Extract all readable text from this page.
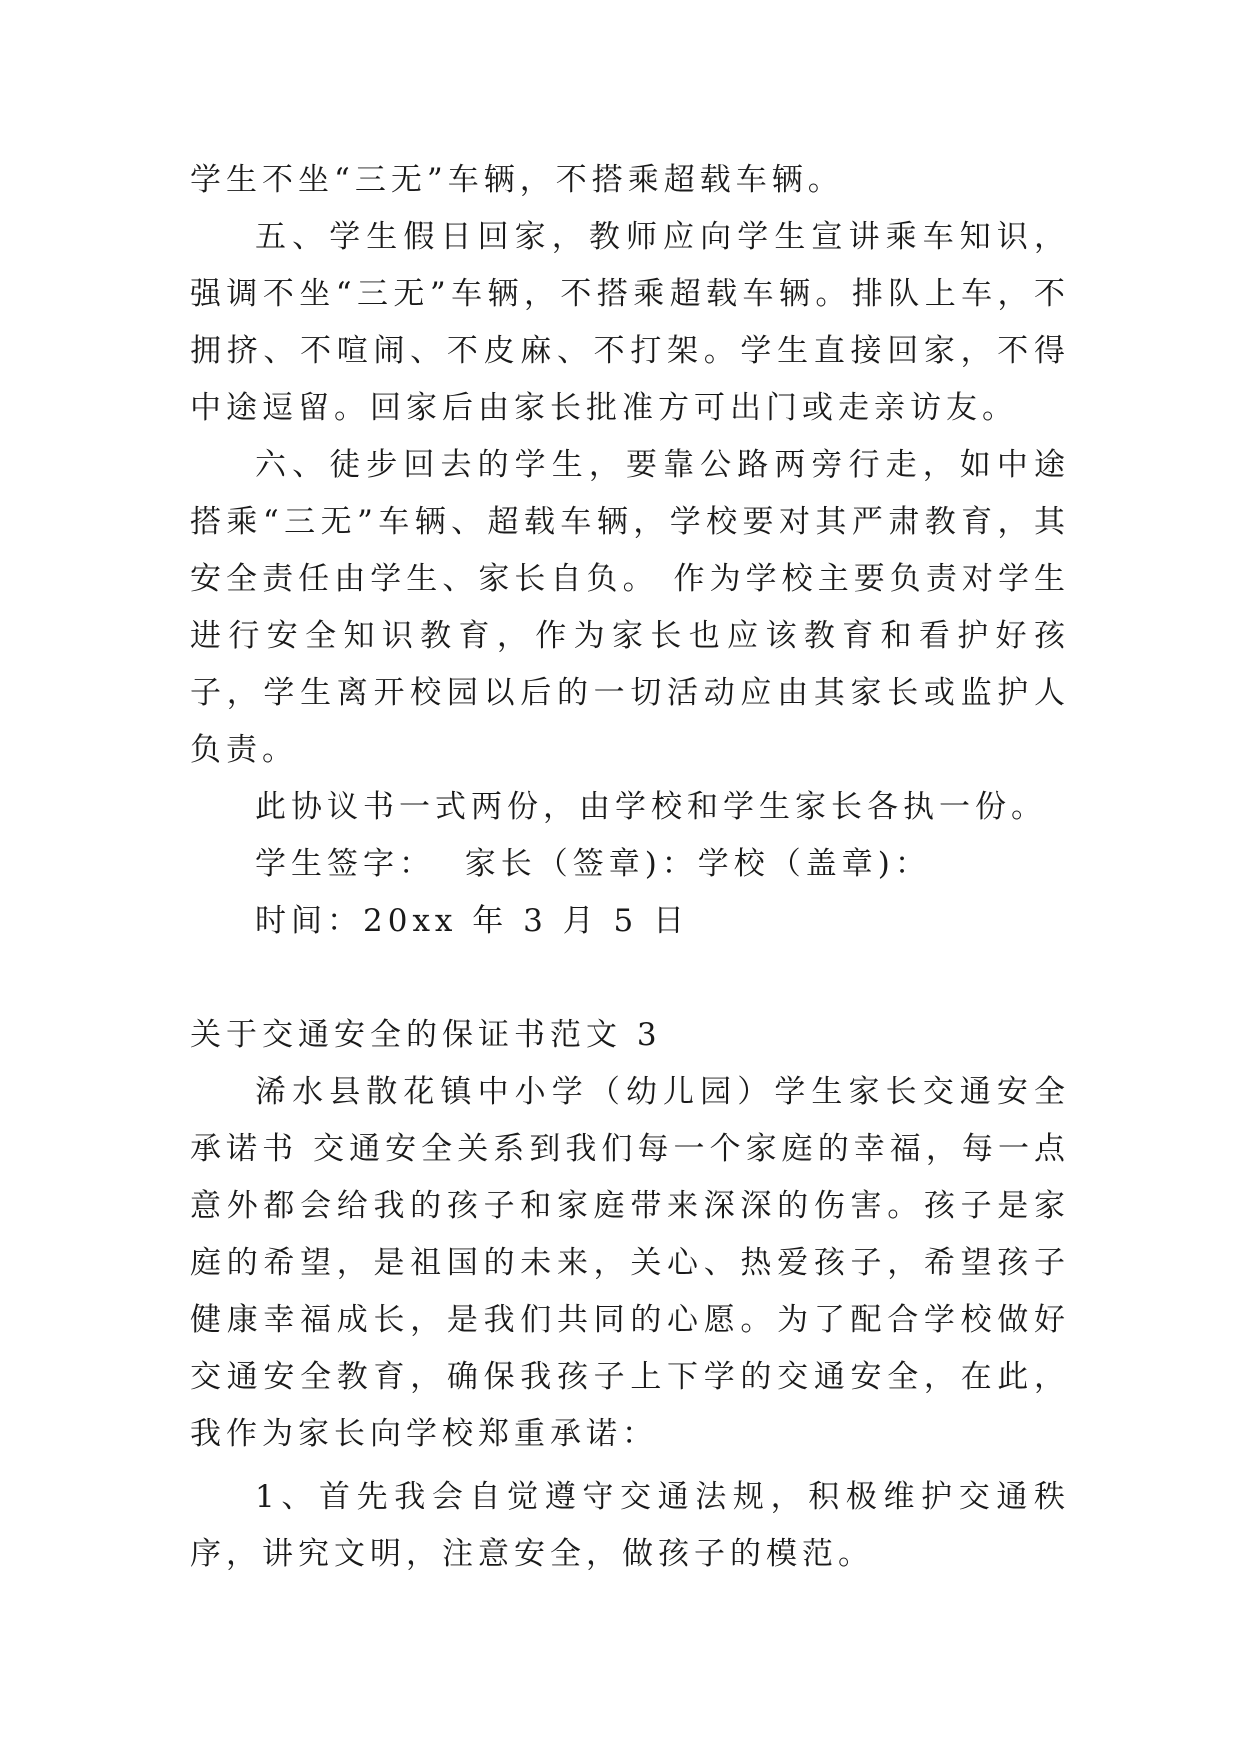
学生不坐“三无”车辆，不搭乘超载车辆。

五、学生假日回家，教师应向学生宣讲乘车知识，强调不坐“三无”车辆，不搭乘超载车辆。排队上车，不拥挤、不喧闹、不皮麻、不打架。学生直接回家，不得中途逗留。回家后由家长批准方可出门或走亲访友。

六、徒步回去的学生，要靠公路两旁行走，如中途搭乘“三无”车辆、超载车辆，学校要对其严肃教育，其安全责任由学生、家长自负。 作为学校主要负责对学生进行安全知识教育，作为家长也应该教育和看护好孩子，学生离开校园以后的一切活动应由其家长或监护人负责。

此协议书一式两份，由学校和学生家长各执一份。

学生签字：  家长（签章)：学校（盖章)：

时间：20xx 年 3 月 5 日

关于交通安全的保证书范文 3

浠水县散花镇中小学（幼儿园）学生家长交通安全承诺书 交通安全关系到我们每一个家庭的幸福，每一点意外都会给我的孩子和家庭带来深深的伤害。孩子是家庭的希望，是祖国的未来，关心、热爱孩子，希望孩子健康幸福成长，是我们共同的心愿。为了配合学校做好交通安全教育，确保我孩子上下学的交通安全，在此，我作为家长向学校郑重承诺：

1、首先我会自觉遵守交通法规，积极维护交通秩序，讲究文明，注意安全，做孩子的模范。
